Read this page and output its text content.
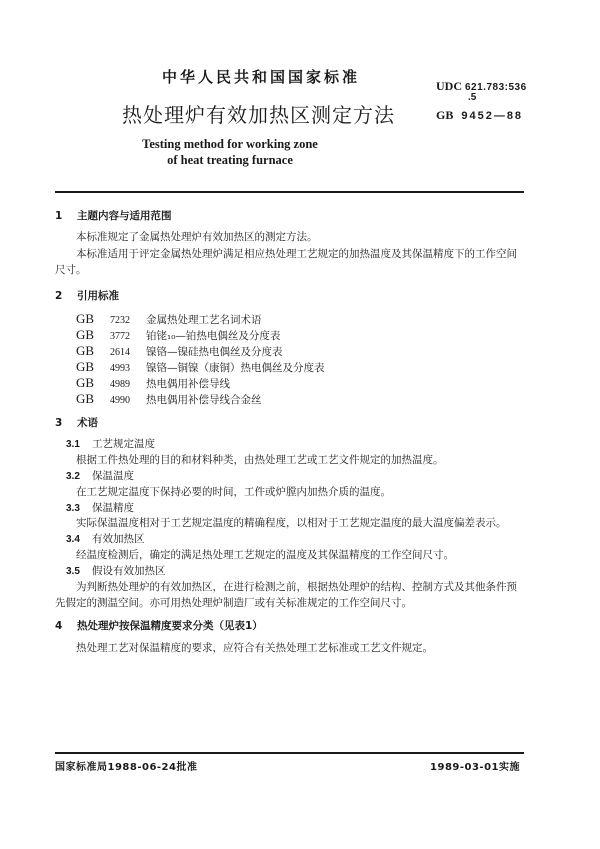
中华人民共和国国家标准
热处理炉有效加热区测定方法
Testing method for working zone
of heat treating furnace
UDC 621.783:536
.5
GB 9452—88
1 主题内容与适用范围
本标准规定了金属热处理炉有效加热区的测定方法。
本标准适用于评定金属热处理炉满足相应热处理工艺规定的加热温度及其保温精度下的工作空间
尺寸。
2 引用标准
GB 7232 金属热处理工艺名词术语
GB 3772 铂铑₁₀—铂热电偶丝及分度表
GB 2614 镍铬—镍硅热电偶丝及分度表
GB 4993 镍铬—铜镍（康铜）热电偶丝及分度表
GB 4989 热电偶用补偿导线
GB 4990 热电偶用补偿导线合金丝
3 术语
3.1 工艺规定温度
根据工件热处理的目的和材料种类，由热处理工艺或工艺文件规定的加热温度。
3.2 保温温度
在工艺规定温度下保持必要的时间，工件或炉膛内加热介质的温度。
3.3 保温精度
实际保温温度相对于工艺规定温度的精确程度，以相对于工艺规定温度的最大温度偏差表示。
3.4 有效加热区
经温度检测后，确定的满足热处理工艺规定的温度及其保温精度的工作空间尺寸。
3.5 假设有效加热区
为判断热处理炉的有效加热区，在进行检测之前，根据热处理炉的结构、控制方式及其他条件预
先假定的测温空间。亦可用热处理炉制造厂或有关标准规定的工作空间尺寸。
4 热处理炉按保温精度要求分类（见表1）
热处理工艺对保温精度的要求，应符合有关热处理工艺标准或工艺文件规定。
国家标准局1988-06-24批准	1989-03-01实施
